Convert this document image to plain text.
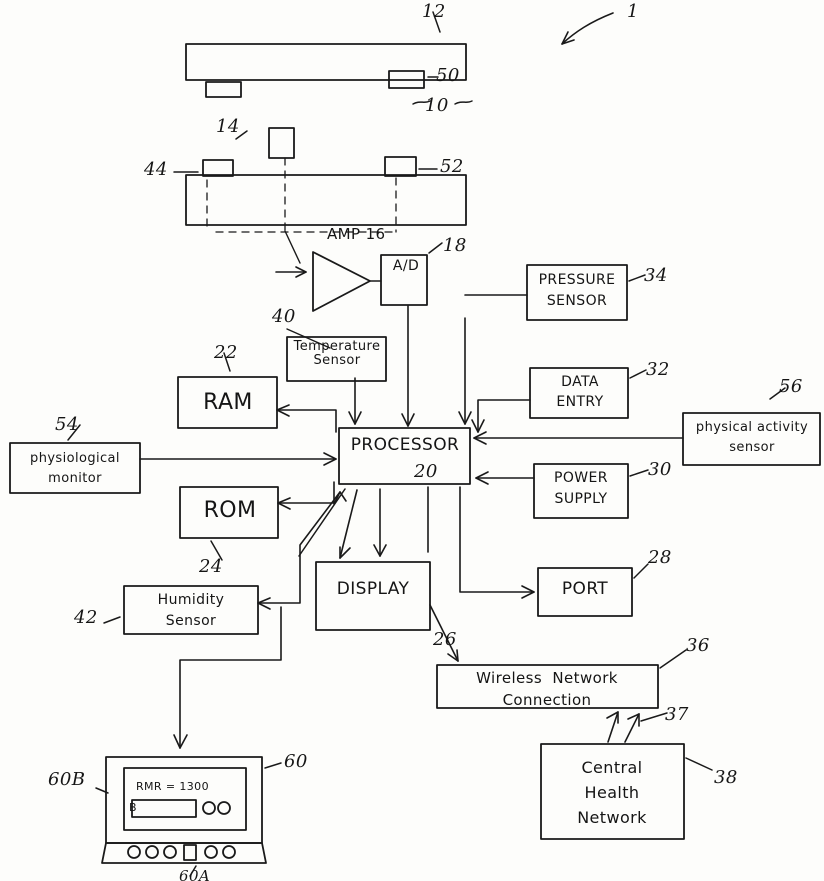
1
12
50
10
14
44	52
AMP 16
A/D
18
Temperature
Sensor
40
PRESSURE
SENSOR
34
DATA
ENTRY
32
physical activity
sensor
56
RAM
22
ROM
24
PROCESSOR
20
physiological
monitor
54
POWER
SUPPLY
30
Humidity
Sensor
42
DISPLAY
26
PORT
28
Wireless  Network
Connection
36
37
Central
Health
Network
38
60
60B
60A
RMR = 1300
B
